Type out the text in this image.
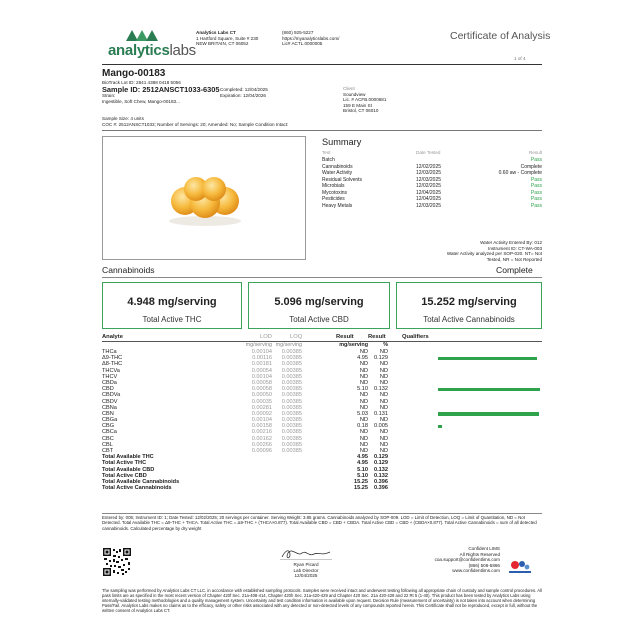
analyticslabs
Analytics Labs CT
1 Hartford Square, Suite # 230
NEW BRITAIN, CT 06052
(860) 925-5227
https://myanalyticslabs.com/
Lic# ACTL.0000005
Certificate of Analysis
1 of 4
Mango-00183
BioTrack Lot ID: 2841 4388 0418 5056
Sample ID: 2512ANSCT1033-6305 Completed: 12/04/2025
Expiration: 12/04/2026
Strain:
Ingestible, Soft Chew, Mango-00183...
Sample Size: 4 units
COC #: 2512ANSCT1033; Number of Servings: 20; Amended: No; Sample Condition Intact:
Client
Soundview
Lic. # ACFB.0000681
159 E Main St
Bristol, CT 06010
Summary
Test	Date Tested	Result
Batch	Pass
Cannabinoids	12/02/2025	Complete
Water Activity	12/03/2025	0.60 aw - Complete
Residual Solvents	12/03/2025	Pass
Microbials	12/02/2025	Pass
Mycotoxins	12/04/2025	Pass
Pesticides	12/04/2025	Pass
Heavy Metals	12/03/2025	Pass
Water Activity Entered By: 012
Instrument ID: CT-WA-003
Water Activity analyzed per SOP-020. NT= Not
Tested, NR = Not Reported
Cannabinoids	Complete
4.948 mg/serving
Total Active THC
5.096 mg/serving
Total Active CBD
15.252 mg/serving
Total Active Cannabinoids
Analyte	LOD	LOQ	Result Result	Qualifiers
mg/serving mg/serving	mg/serving	%
THCa	0.00104	0.00385	ND	ND
Δ9-THC	0.00116	0.00385	4.95	0.129
Δ8-THC	0.00181	0.00385	ND	ND
THCVa	0.00054	0.00385	ND	ND
THCV	0.00104	0.00385	ND	ND
CBDa	0.00058	0.00385	ND	ND
CBD	0.00058	0.00385	5.10	0.132
CBDVa	0.00050	0.00385	ND	ND
CBDV	0.00035	0.00385	ND	ND
CBNa	0.00281	0.00385	ND	ND
CBN	0.00092	0.00385	5.03	0.131
CBGa	0.00104	0.00385	ND	ND
CBG	0.00158	0.00385	0.18	0.005
CBCa	0.00216	0.00385	ND	ND
CBC	0.00162	0.00385	ND	ND
CBL	0.00266	0.00385	ND	ND
CBT	0.00096	0.00385	ND	ND
Total Available THC	4.95	0.129
Total Active THC	4.95	0.129
Total Available CBD	5.10	0.132
Total Active CBD	5.10	0.132
Total Available Cannabinoids	15.25	0.396
Total Active Cannabinoids	15.25	0.396
Entered by: 005; Instrument ID: 1; Date Tested: 12/02/2025; 20 servings per container. Serving Weight: 3.85 grams. Cannabinoids analyzed by SOP-009. LOD = Limit of Detection, LOQ = Limit of Quantitation, ND = Not Detected. Total Available THC = Δ9-THC + THCA. Total Active THC = Δ9-THC + (THCA×0.877). Total Available CBD = CBD + CBDA. Total Active CBD = CBD + (CBDA×0.877). Total Active Cannabinoids = sum of all detected cannabinoids. Calculated percentage by dry weight
Ryan Picard
Lab Director
12/04/2025
Confident LIMS
All Rights Reserved
coa.support@confidentlims.com
(866) 506-5866
www.confidentlims.com
The sampling was performed by Analytics Labs CT LLC. in accordance with established sampling protocols. Samples were received intact and underwent testing following all appropriate chain of custody and sample control procedures. All pass limits are as specified in the most recent version of Chapter 420f Sec. 21a-408-414, Chapter 420h Sec. 21a-420-429 and Chapter 420 Sec. 21a 420-429 and 22 Rt 5 (1-40). This product has been tested by Analytics Labs using internally-validated testing methodologies and a quality management system. Uncertainty and test condition information is available upon request. Decision Rule (measurement of uncertainty) is not taken into account when determining Pass/Fail. Analytics Labs makes no claims as to the efficacy, safety or other risks associated with any detected or non-detected levels of any compounds reported herein. This Certificate shall not be reproduced, except in full, without the written consent of Analytics Labs CT.
